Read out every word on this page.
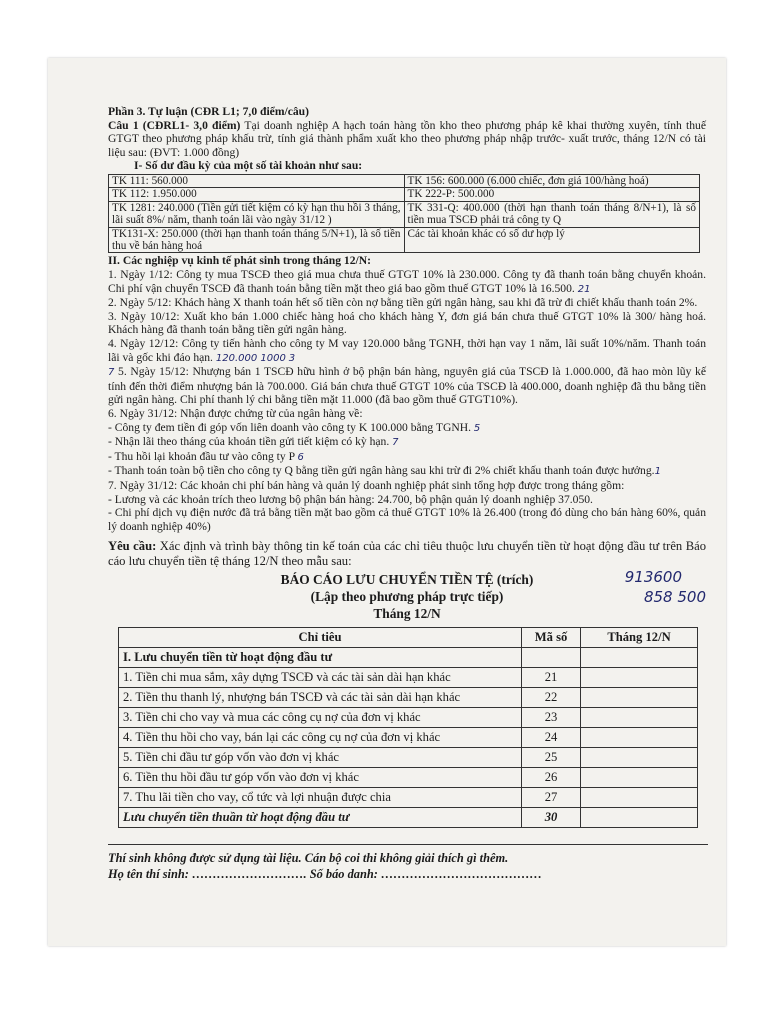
Phần 3. Tự luận (CĐR L1; 7,0 điểm/câu)

Câu 1 (CĐRL1- 3,0 điểm) Tại doanh nghiệp A hạch toán hàng tồn kho theo phương pháp kê khai thường xuyên, tính thuế GTGT theo phương pháp khấu trừ, tính giá thành phẩm xuất kho theo phương pháp nhập trước- xuất trước, tháng 12/N có tài liệu sau: (ĐVT: 1.000 đồng)

I- Số dư đầu kỳ của một số tài khoản như sau:
TK 111: 560.000	TK 156: 600.000 (6.000 chiếc, đơn giá 100/hàng hoá)
TK 112: 1.950.000	TK 222-P: 500.000
TK 1281: 240.000 (Tiền gửi tiết kiệm có kỳ hạn thu hồi 3 tháng, lãi suất 8%/ năm, thanh toán lãi vào ngày 31/12 )	TK 331-Q: 400.000 (thời hạn thanh toán tháng 8/N+1), là số tiền mua TSCĐ phải trả công ty Q
TK131-X: 250.000 (thời hạn thanh toán tháng 5/N+1), là số tiền thu về bán hàng hoá	Các tài khoản khác có số dư hợp lý
II. Các nghiệp vụ kinh tế phát sinh trong tháng 12/N:

1. Ngày 1/12: Công ty mua TSCĐ theo giá mua chưa thuế GTGT 10% là 230.000. Công ty đã thanh toán bằng chuyển khoản. Chi phí vận chuyển TSCĐ đã thanh toán bằng tiền mặt theo giá bao gồm thuế GTGT 10% là 16.500. 21

2. Ngày 5/12: Khách hàng X thanh toán hết số tiền còn nợ bằng tiền gửi ngân hàng, sau khi đã trừ đi chiết khấu thanh toán 2%.

3. Ngày 10/12: Xuất kho bán 1.000 chiếc hàng hoá cho khách hàng Y, đơn giá bán chưa thuế GTGT 10% là 300/ hàng hoá. Khách hàng đã thanh toán bằng tiền gửi ngân hàng.

4. Ngày 12/12: Công ty tiến hành cho công ty M vay 120.000 bằng TGNH, thời hạn vay 1 năm, lãi suất 10%/năm. Thanh toán lãi và gốc khi đáo hạn. 120.000 1000 3

7 5. Ngày 15/12: Nhượng bán 1 TSCĐ hữu hình ở bộ phận bán hàng, nguyên giá của TSCĐ là 1.000.000, đã hao mòn lũy kế tính đến thời điểm nhượng bán là 700.000. Giá bán chưa thuế GTGT 10% của TSCĐ là 400.000, doanh nghiệp đã thu bằng tiền gửi ngân hàng. Chi phí thanh lý chi bằng tiền mặt 11.000 (đã bao gồm thuế GTGT10%).

6. Ngày 31/12: Nhận được chứng từ của ngân hàng về:

- Công ty đem tiền đi góp vốn liên doanh vào công ty K 100.000 bằng TGNH. 5

- Nhận lãi theo tháng của khoản tiền gửi tiết kiệm có kỳ hạn. 7

- Thu hồi lại khoản đầu tư vào công ty P 6

- Thanh toán toàn bộ tiền cho công ty Q bằng tiền gửi ngân hàng sau khi trừ đi 2% chiết khấu thanh toán được hưởng.1

7. Ngày 31/12: Các khoản chi phí bán hàng và quản lý doanh nghiệp phát sinh tổng hợp được trong tháng gồm:

- Lương và các khoản trích theo lương bộ phận bán hàng: 24.700, bộ phận quản lý doanh nghiệp 37.050.

- Chi phí dịch vụ điện nước đã trả bằng tiền mặt bao gồm cả thuế GTGT 10% là 26.400 (trong đó dùng cho bán hàng 60%, quản lý doanh nghiệp 40%)

Yêu cầu: Xác định và trình bày thông tin kế toán của các chỉ tiêu thuộc lưu chuyển tiền từ hoạt động đầu tư trên Báo cáo lưu chuyển tiền tệ tháng 12/N theo mẫu sau:

BÁO CÁO LƯU CHUYỂN TIỀN TỆ (trích)
(Lập theo phương pháp trực tiếp)
Tháng 12/N
913600
858 500
Chỉ tiêu	Mã số	Tháng 12/N
I. Lưu chuyển tiền từ hoạt động đầu tư		
1. Tiền chi mua sắm, xây dựng TSCĐ và các tài sản dài hạn khác	21	
2. Tiền thu thanh lý, nhượng bán TSCĐ và các tài sản dài hạn khác	22	
3. Tiền chi cho vay và mua các công cụ nợ của đơn vị khác	23	
4. Tiền thu hồi cho vay, bán lại các công cụ nợ của đơn vị khác	24	
5. Tiền chi đầu tư góp vốn vào đơn vị khác	25	
6. Tiền thu hồi đầu tư góp vốn vào đơn vị khác	26	
7. Thu lãi tiền cho vay, cổ tức và lợi nhuận được chia	27	
Lưu chuyển tiền thuần từ hoạt động đầu tư	30	
Thí sinh không được sử dụng tài liệu. Cán bộ coi thi không giải thích gì thêm.
Họ tên thí sinh: ………………………. Số báo danh: …………………………………
